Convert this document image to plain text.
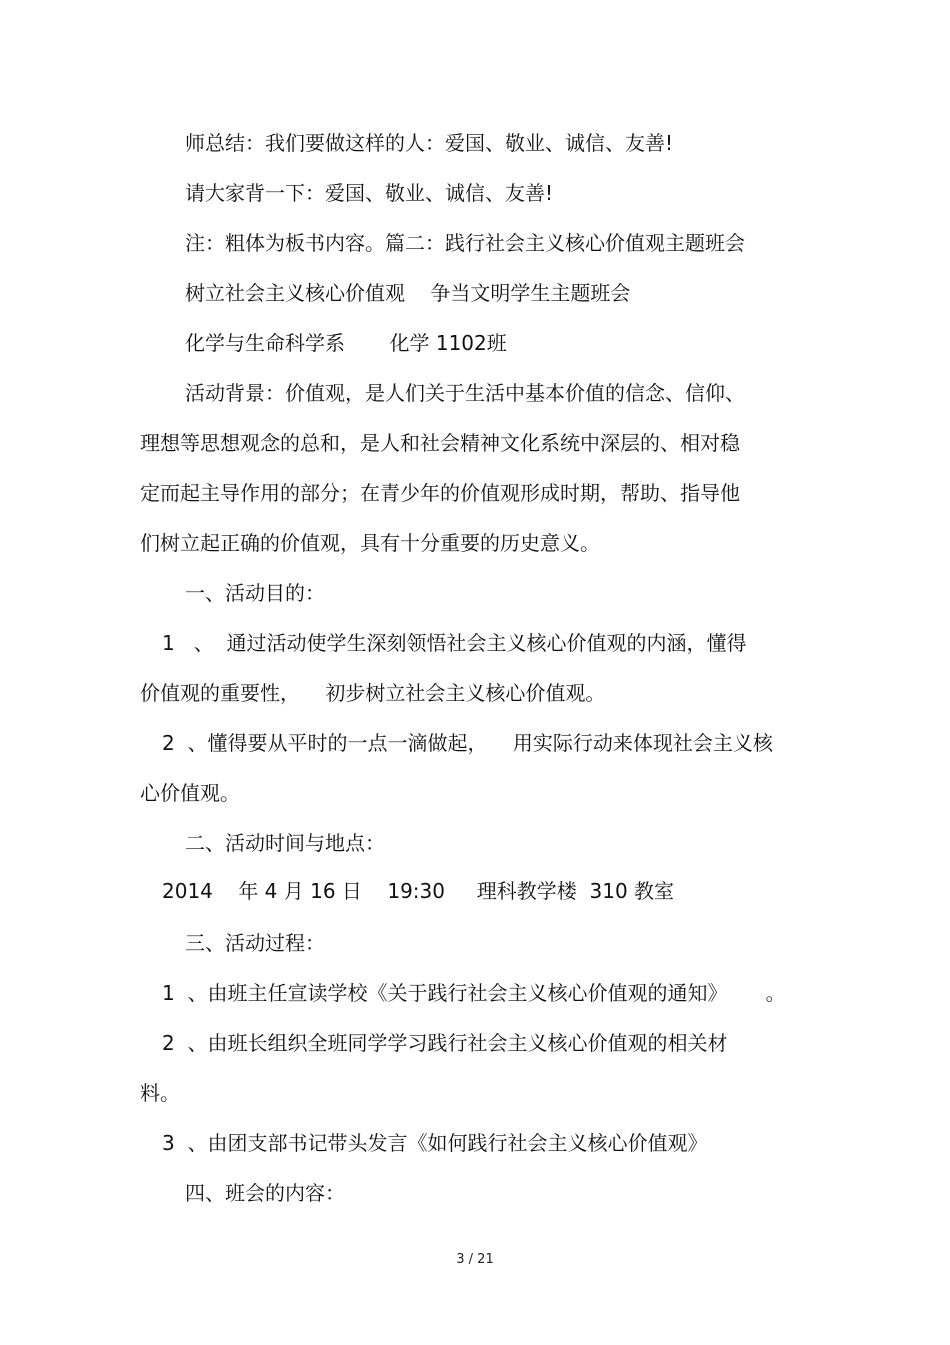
师总结：我们要做这样的人：爱国、敬业、诚信、友善!
请大家背一下：爱国、敬业、诚信、友善!
注：粗体为板书内容。篇二：践行社会主义核心价值观主题班会
树立社会主义核心价值观    争当文明学生主题班会
化学与生命科学系       化学 1102班
活动背景：价值观，是人们关于生活中基本价值的信念、信仰、
理想等思想观念的总和，是人和社会精神文化系统中深层的、相对稳
定而起主导作用的部分；在青少年的价值观形成时期，帮助、指导他
们树立起正确的价值观，具有十分重要的历史意义。
一、活动目的：
1   、  通过活动使学生深刻领悟社会主义核心价值观的内涵，懂得
价值观的重要性，    初步树立社会主义核心价值观。
2  、懂得要从平时的一点一滴做起，    用实际行动来体现社会主义核
心价值观。
二、活动时间与地点：
2014    年 4 月 16 日    19:30     理科教学楼  310 教室
三、活动过程：
1  、由班主任宣读学校《关于践行社会主义核心价值观的通知》      。
2  、由班长组织全班同学学习践行社会主义核心价值观的相关材
料。
3  、由团支部书记带头发言《如何践行社会主义核心价值观》
四、班会的内容：
3 / 21
